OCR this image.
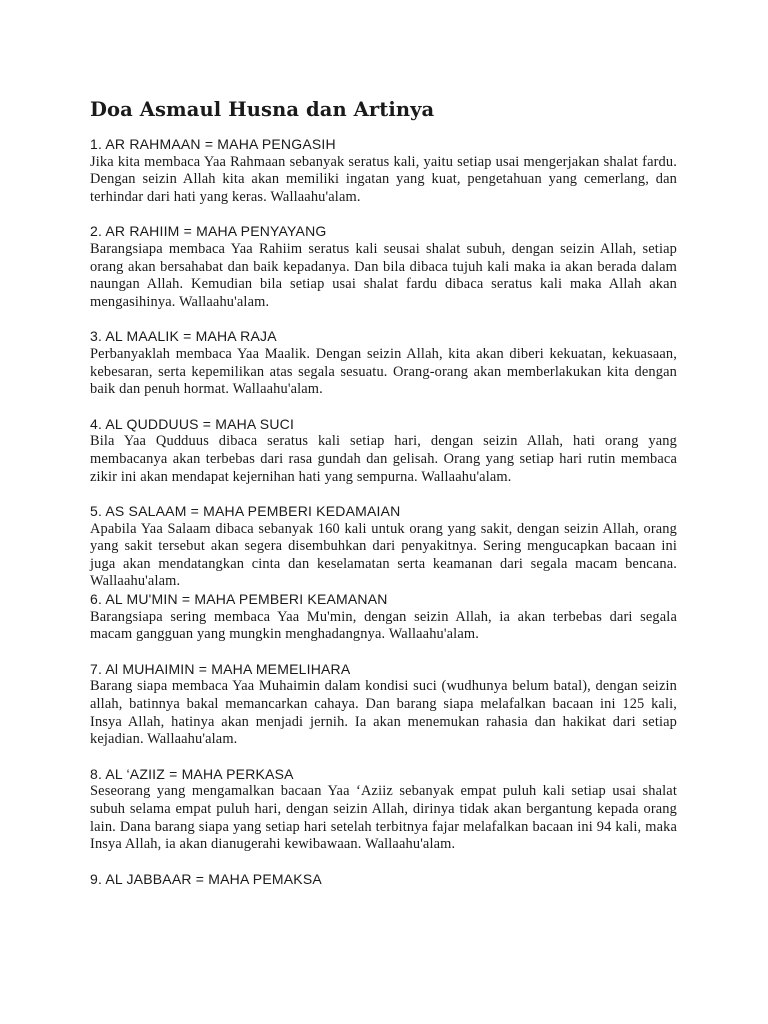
Doa Asmaul Husna dan Artinya
1. AR RAHMAAN = MAHA PENGASIH
Jika kita membaca Yaa Rahmaan sebanyak seratus kali, yaitu setiap usai mengerjakan shalat fardu. Dengan seizin Allah kita akan memiliki ingatan yang kuat, pengetahuan yang cemerlang, dan terhindar dari hati yang keras. Wallaahu'alam.
2. AR RAHIIM = MAHA PENYAYANG
Barangsiapa membaca Yaa Rahiim seratus kali seusai shalat subuh, dengan seizin Allah, setiap orang akan bersahabat dan baik kepadanya. Dan bila dibaca tujuh kali maka ia akan berada dalam naungan Allah. Kemudian bila setiap usai shalat fardu dibaca seratus kali maka Allah akan mengasihinya. Wallaahu'alam.
3. AL MAALIK = MAHA RAJA
Perbanyaklah membaca Yaa Maalik. Dengan seizin Allah, kita akan diberi kekuatan, kekuasaan, kebesaran, serta kepemilikan atas segala sesuatu. Orang-orang akan memberlakukan kita dengan baik dan penuh hormat. Wallaahu'alam.
4. AL QUDDUUS = MAHA SUCI
Bila Yaa Qudduus dibaca seratus kali setiap hari, dengan seizin Allah, hati orang yang membacanya akan terbebas dari rasa gundah dan gelisah. Orang yang setiap hari rutin membaca zikir ini akan mendapat kejernihan hati yang sempurna. Wallaahu'alam.
5. AS SALAAM = MAHA PEMBERI KEDAMAIAN
Apabila Yaa Salaam dibaca sebanyak 160 kali untuk orang yang sakit, dengan seizin Allah, orang yang sakit tersebut akan segera disembuhkan dari penyakitnya. Sering mengucapkan bacaan ini juga akan mendatangkan cinta dan keselamatan serta keamanan dari segala macam bencana. Wallaahu'alam.
6. AL MU'MIN = MAHA PEMBERI KEAMANAN
Barangsiapa sering membaca Yaa Mu'min, dengan seizin Allah, ia akan terbebas dari segala macam gangguan yang mungkin menghadangnya. Wallaahu'alam.
7. Al MUHAIMIN = MAHA MEMELIHARA
Barang siapa membaca Yaa Muhaimin dalam kondisi suci (wudhunya belum batal), dengan seizin allah, batinnya bakal memancarkan cahaya. Dan barang siapa melafalkan bacaan ini 125 kali, Insya Allah, hatinya akan menjadi jernih. Ia akan menemukan rahasia dan hakikat dari setiap kejadian. Wallaahu'alam.
8. AL ‘AZIIZ = MAHA PERKASA
Seseorang yang mengamalkan bacaan Yaa ‘Aziiz sebanyak empat puluh kali setiap usai shalat subuh selama empat puluh hari, dengan seizin Allah, dirinya tidak akan bergantung kepada orang lain. Dana barang siapa yang setiap hari setelah terbitnya fajar melafalkan bacaan ini 94 kali, maka Insya Allah, ia akan dianugerahi kewibawaan. Wallaahu'alam.
9. AL JABBAAR = MAHA PEMAKSA
